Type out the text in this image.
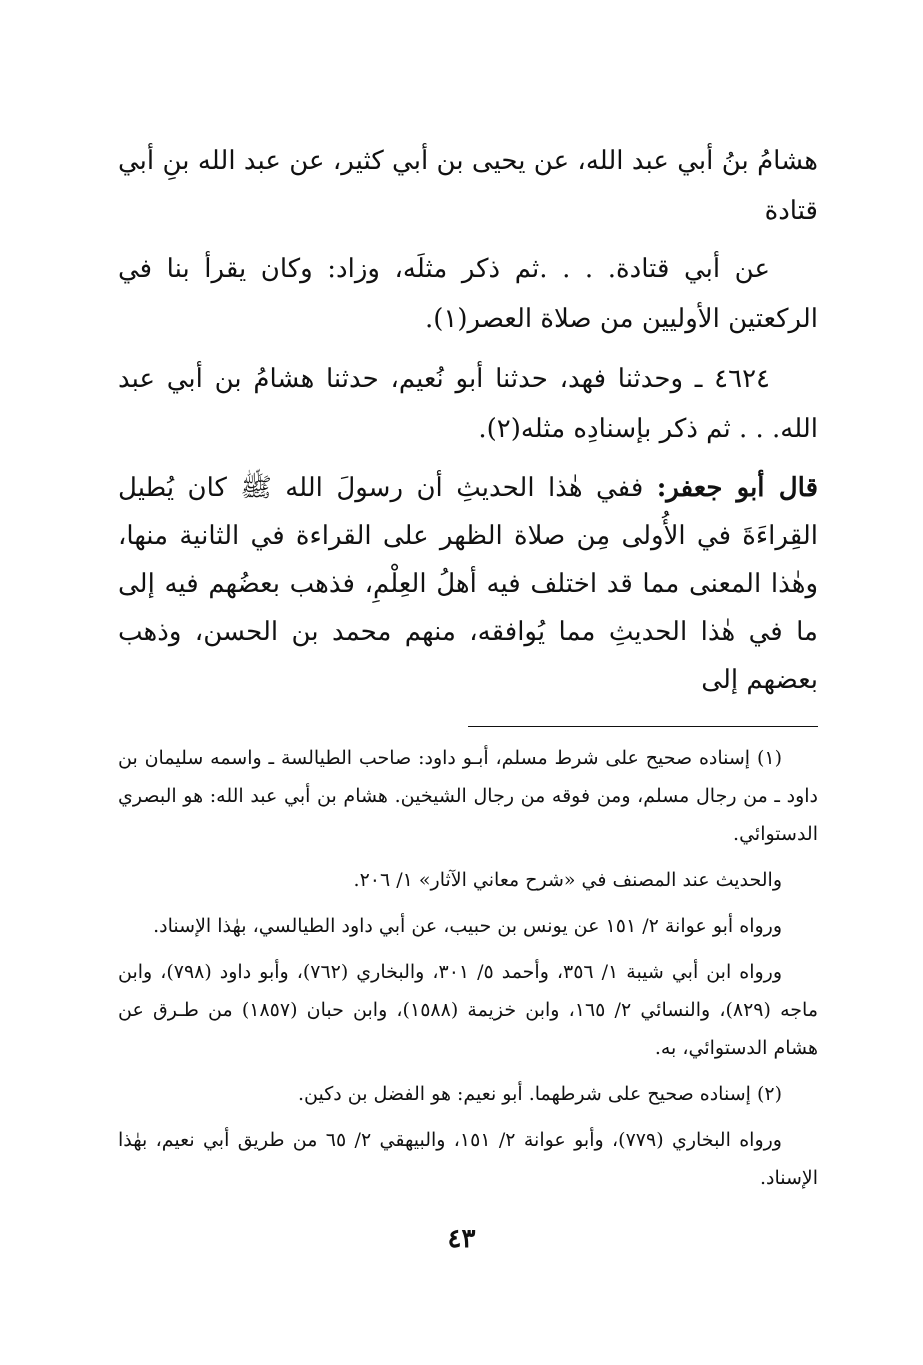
هشامُ بنُ أبي عبد الله، عن يحيى بن أبي كثير، عن عبد الله بنِ أبي قتادة

عن أبي قتادة. . . .ثم ذكر مثلَه، وزاد: وكان يقرأ بنا في الركعتين الأوليين من صلاة العصر(١).

٤٦٢٤ ـ وحدثنا فهد، حدثنا أبو نُعيم، حدثنا هشامُ بن أبي عبد الله. . . ثم ذكر بإسنادِه مثله(٢).

قال أبو جعفر: ففي هٰذا الحديثِ أن رسولَ الله ﷺ كان يُطيل القِراءَةَ في الأُولى مِن صلاة الظهر على القراءة في الثانية منها، وهٰذا المعنى مما قد اختلف فيه أهلُ العِلْمِ، فذهب بعضُهم فيه إلى ما في هٰذا الحديثِ مما يُوافقه، منهم محمد بن الحسن، وذهب بعضهم إلى

(١) إسناده صحيح على شرط مسلم، أبـو داود: صاحب الطيالسة ـ واسمه سليمان بن داود ـ من رجال مسلم، ومن فوقه من رجال الشيخين. هشام بن أبي عبد الله: هو البصري الدستوائي.

والحديث عند المصنف في «شرح معاني الآثار» ١/ ٢٠٦.

ورواه أبو عوانة ٢/ ١٥١ عن يونس بن حبيب، عن أبي داود الطيالسي، بهٰذا الإسناد.

ورواه ابن أبي شيبة ١/ ٣٥٦، وأحمد ٥/ ٣٠١، والبخاري (٧٦٢)، وأبو داود (٧٩٨)، وابن ماجه (٨٢٩)، والنسائي ٢/ ١٦٥، وابن خزيمة (١٥٨٨)، وابن حبان (١٨٥٧) من طـرق عن هشام الدستوائي، به.

(٢) إسناده صحيح على شرطهما. أبو نعيم: هو الفضل بن دكين.

ورواه البخاري (٧٧٩)، وأبو عوانة ٢/ ١٥١، والبيهقي ٢/ ٦٥ من طريق أبي نعيم، بهٰذا الإسناد.

٤٣
